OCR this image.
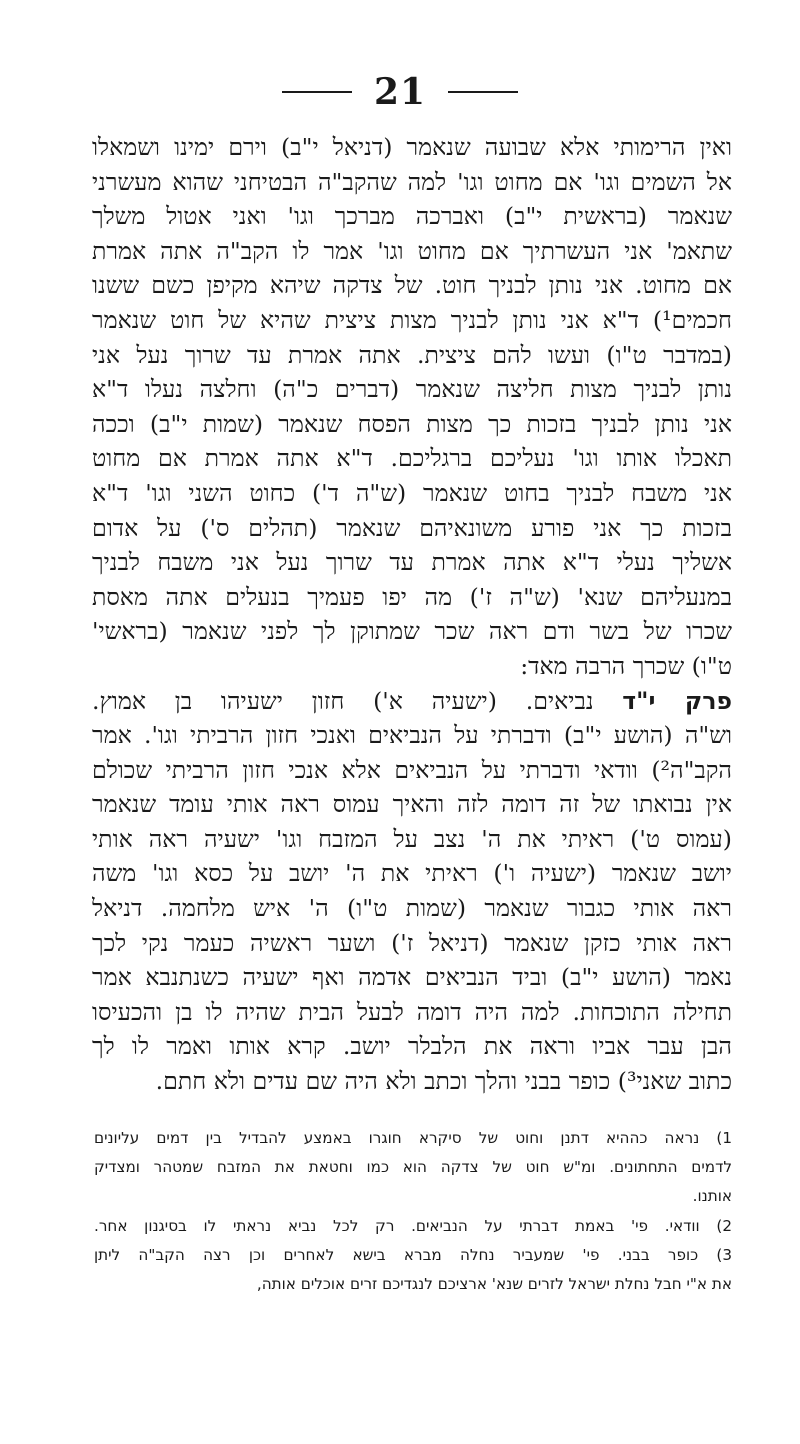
21
ואין הרימותי אלא שבועה שנאמר (דניאל י"ב) וירם ימינו ושמאלו
אל השמים וגו' אם מחוט וגו' למה שהקב"ה הבטיחני שהוא מעשרני
שנאמר (בראשית י"ב) ואברכה מברכך וגו' ואני אטול משלך
שתאמ' אני העשרתיך אם מחוט וגו' אמר לו הקב"ה אתה אמרת
אם מחוט. אני נותן לבניך חוט. של צדקה שיהא מקיפן כשם ששנו
חכמים¹) ד"א אני נותן לבניך מצות ציצית שהיא של חוט שנאמר
(במדבר ט"ו) ועשו להם ציצית. אתה אמרת עד שרוך נעל אני
נותן לבניך מצות חליצה שנאמר (דברים כ"ה) וחלצה נעלו ד"א
אני נותן לבניך בזכות כך מצות הפסח שנאמר (שמות י"ב) וככה
תאכלו אותו וגו' נעליכם ברגליכם. ד"א אתה אמרת אם מחוט
אני משבח לבניך בחוט שנאמר (ש"ה ד') כחוט השני וגו' ד"א
בזכות כך אני פורע משונאיהם שנאמר (תהלים ס') על אדום
אשליך נעלי ד"א אתה אמרת עד שרוך נעל אני משבח לבניך
במנעליהם שנא' (ש"ה ז') מה יפו פעמיך בנעלים אתה מאסת
שכרו של בשר ודם ראה שכר שמתוקן לך לפני שנאמר (בראשי'
ט"ו) שכרך הרבה מאד:
פרק י"ד נביאים. (ישעיה א') חזון ישעיהו בן אמוץ.
וש"ה (הושע י"ב) ודברתי על הנביאים ואנכי חזון הרביתי וגו'. אמר
הקב"ה²) וודאי ודברתי על הנביאים אלא אנכי חזון הרביתי שכולם
אין נבואתו של זה דומה לזה והאיך עמוס ראה אותי עומד שנאמר
(עמוס ט') ראיתי את ה' נצב על המזבח וגו' ישעיה ראה אותי
יושב שנאמר (ישעיה ו') ראיתי את ה' יושב על כסא וגו' משה
ראה אותי כגבור שנאמר (שמות ט"ו) ה' איש מלחמה. דניאל
ראה אותי כזקן שנאמר (דניאל ז') ושער ראשיה כעמר נקי לכך
נאמר (הושע י"ב) וביד הנביאים אדמה ואף ישעיה כשנתנבא אמר
תחילה התוכחות. למה היה דומה לבעל הבית שהיה לו בן והכעיסו
הבן עבר אביו וראה את הלבלר יושב. קרא אותו ואמר לו לך
כתוב שאני³) כופר בבני והלך וכתב ולא היה שם עדים ולא חתם.
1) נראה כההיא דתנן וחוט של סיקרא חוגרו באמצע להבדיל בין דמים עליונים
לדמים התחתונים. ומ"ש חוט של צדקה הוא כמו וחטאת את המזבח שמטהר ומצדיק
אותנו.
2) וודאי. פי' באמת דברתי על הנביאים. רק לכל נביא נראתי לו בסיגנון אחר.
3) כופר בבני. פי' שמעביר נחלה מברא בישא לאחרים וכן רצה הקב"ה ליתן
את א"י חבל נחלת ישראל לזרים שנא' ארציכם לנגדיכם זרים אוכלים אותה,
